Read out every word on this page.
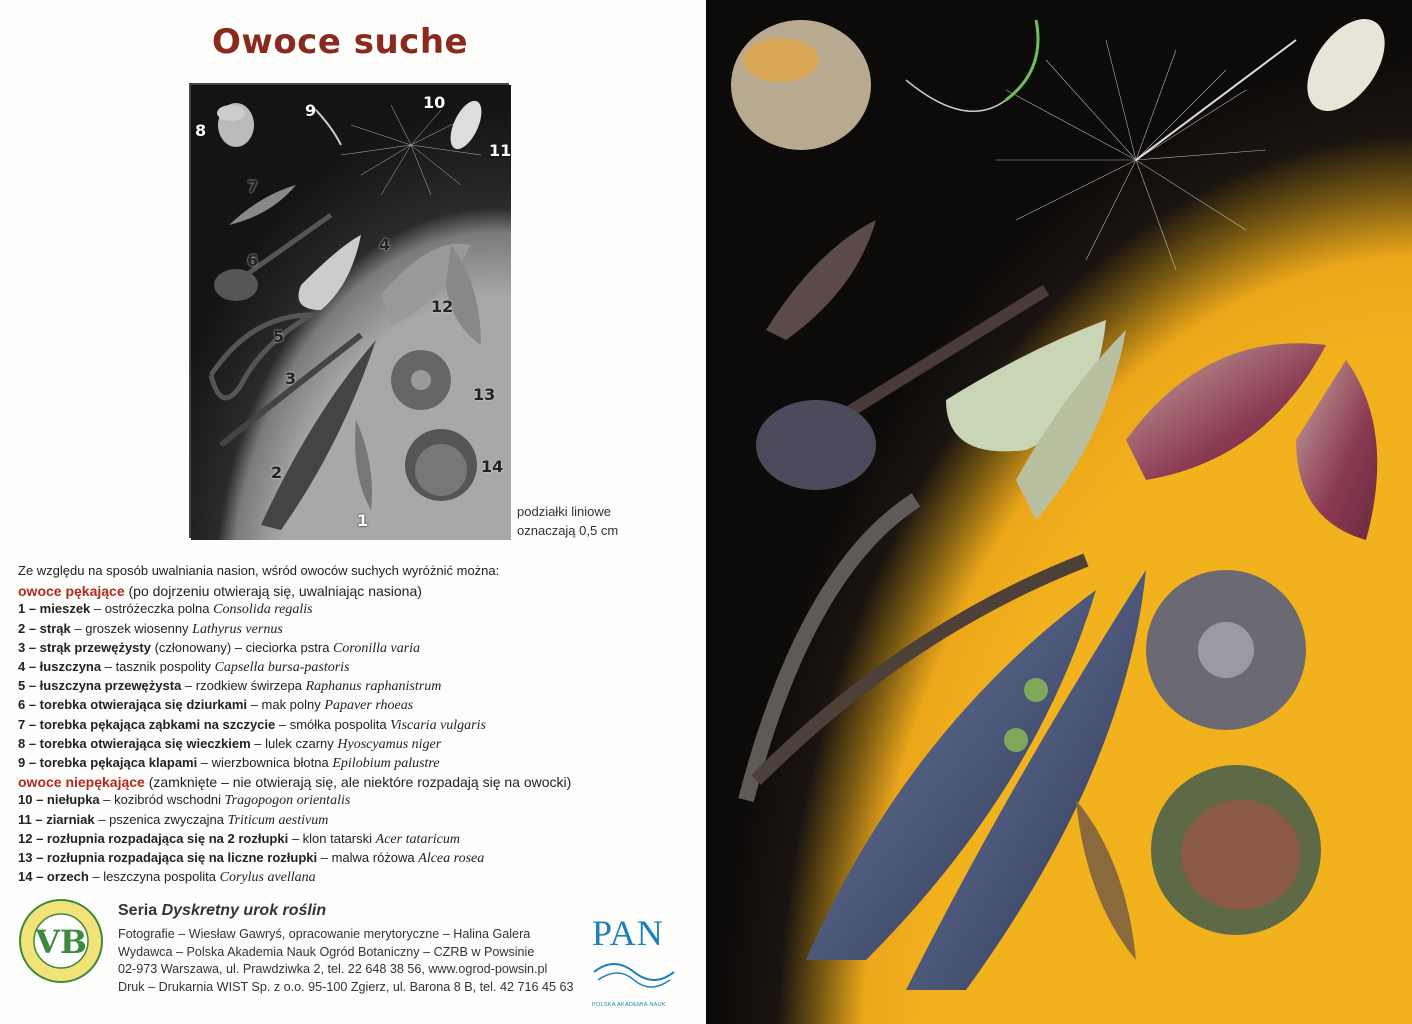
Owoce suche
8
9	10
11
7
6
4
12
5
3
13
2	14
1	podziałki liniowe
oznaczają 0,5 cm
Ze względu na sposób uwalniania nasion, wśród owoców suchych wyróżnić można:
owoce pękające (po dojrzeniu otwierają się, uwalniając nasiona)
1 – mieszek – ostróżeczka polna Consolida regalis
2 – strąk – groszek wiosenny Lathyrus vernus
3 – strąk przewężysty (członowany) – cieciorka pstra Coronilla varia
4 – łuszczyna – tasznik pospolity Capsella bursa-pastoris
5 – łuszczyna przewężysta – rzodkiew świrzepa Raphanus raphanistrum
6 – torebka otwierająca się dziurkami – mak polny Papaver rhoeas
7 – torebka pękająca ząbkami na szczycie – smółka pospolita Viscaria vulgaris
8 – torebka otwierająca się wieczkiem – lulek czarny Hyoscyamus niger
9 – torebka pękająca klapami – wierzbownica błotna Epilobium palustre
owoce niepękające (zamknięte – nie otwierają się, ale niektóre rozpadają się na owocki)
10 – niełupka – kozibród wschodni Tragopogon orientalis
11 – ziarniak – pszenica zwyczajna Triticum aestivum
12 – rozłupnia rozpadająca się na 2 rozłupki – klon tatarski Acer tataricum
13 – rozłupnia rozpadająca się na liczne rozłupki – malwa różowa Alcea rosea
14 – orzech – leszczyna pospolita Corylus avellana
VB
Seria Dyskretny urok roślin
Fotografie – Wiesław Gawryś, opracowanie merytoryczne – Halina Galera
Wydawca – Polska Akademia Nauk Ogród Botaniczny – CZRB w Powsinie
02-973 Warszawa, ul. Prawdziwka 2, tel. 22 648 38 56, www.ogrod-powsin.pl
Druk – Drukarnia WIST Sp. z o.o. 95-100 Zgierz, ul. Barona 8 B, tel. 42 716 45 63
PAN
POLSKA AKADEMIA NAUK
